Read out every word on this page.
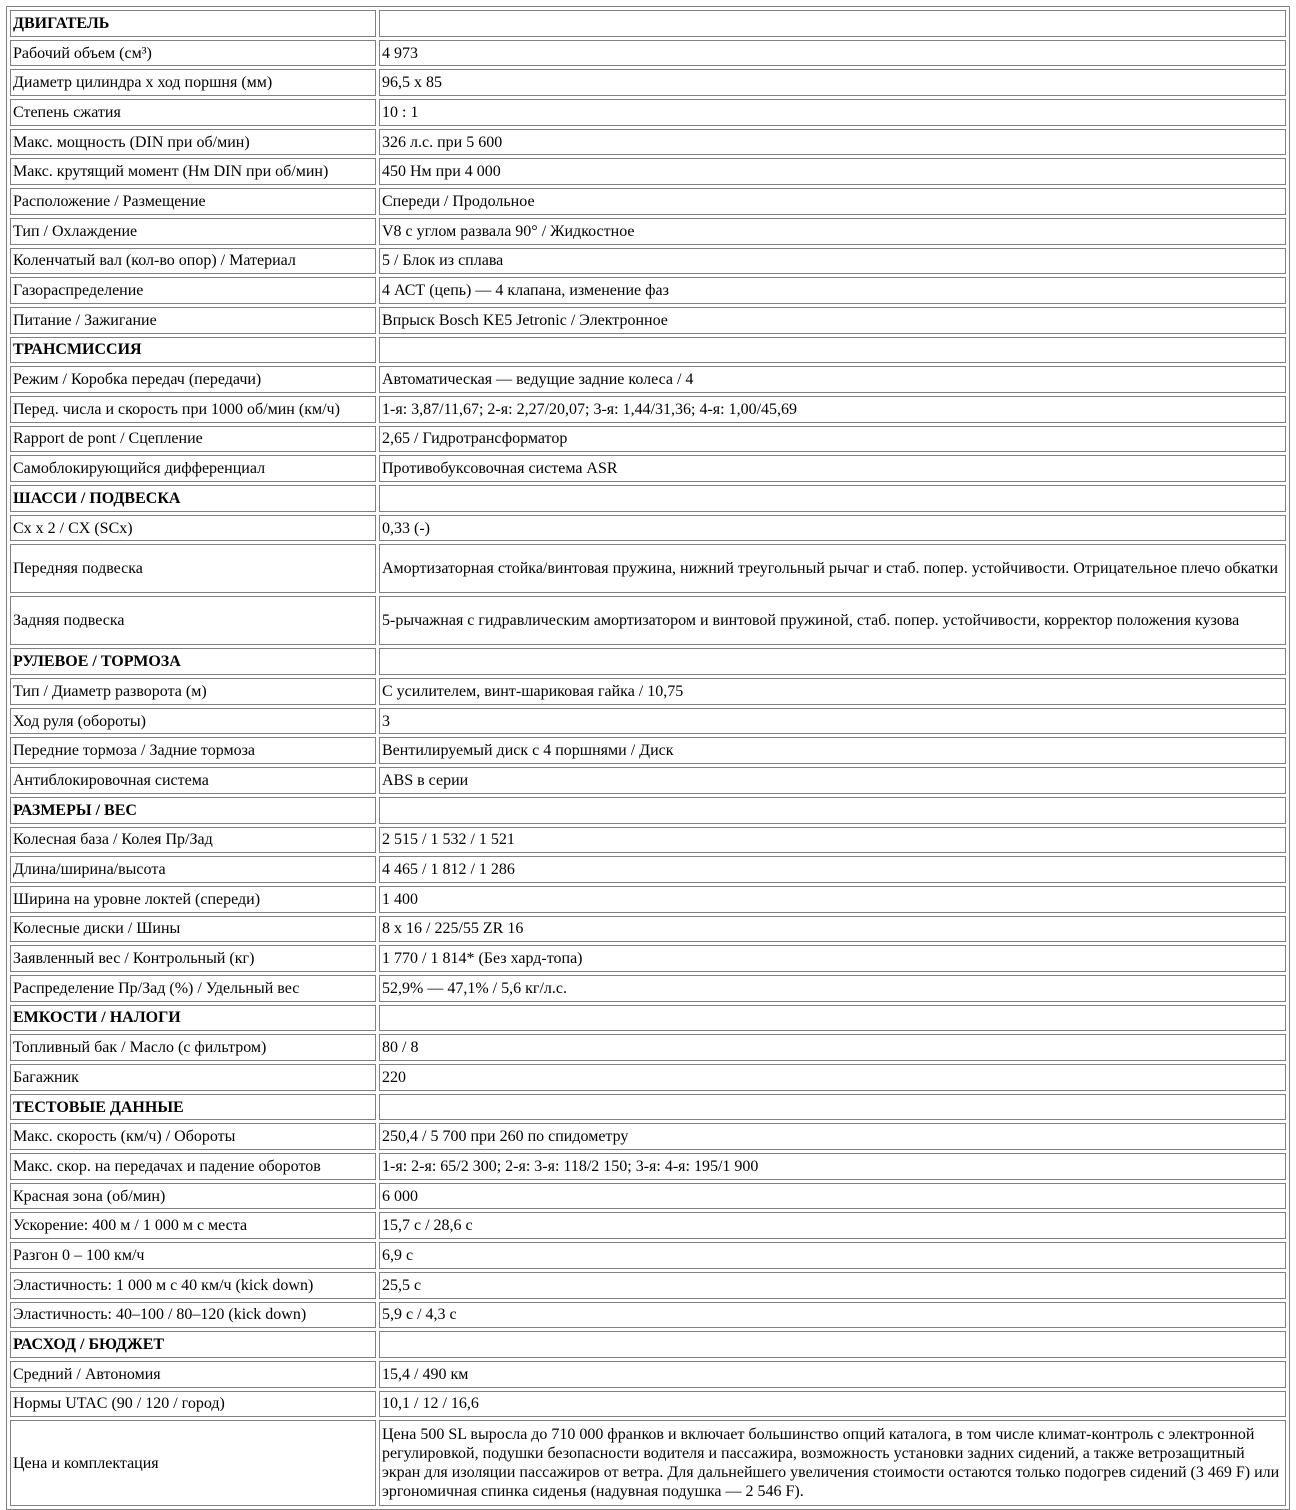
ДВИГАТЕЛЬ	
Рабочий объем (см³)	4 973
Диаметр цилиндра х ход поршня (мм)	96,5 х 85
Степень сжатия	10 : 1
Макс. мощность (DIN при об/мин)	326 л.с. при 5 600
Макс. крутящий момент (Нм DIN при об/мин)	450 Нм при 4 000
Расположение / Размещение	Спереди / Продольное
Тип / Охлаждение	V8 с углом развала 90° / Жидкостное
Коленчатый вал (кол-во опор) / Материал	5 / Блок из сплава
Газораспределение	4 АСТ (цепь) — 4 клапана, изменение фаз
Питание / Зажигание	Впрыск Bosch KE5 Jetronic / Электронное
ТРАНСМИССИЯ	
Режим / Коробка передач (передачи)	Автоматическая — ведущие задние колеса / 4
Перед. числа и скорость при 1000 об/мин (км/ч)	1-я: 3,87/11,67; 2-я: 2,27/20,07; 3-я: 1,44/31,36; 4-я: 1,00/45,69
Rapport de pont / Сцепление	2,65 / Гидротрансформатор
Самоблокирующийся дифференциал	Противобуксовочная система ASR
ШАССИ / ПОДВЕСКА	
Cx x 2 / CX (SCx)	0,33 (-)
Передняя подвеска	Амортизаторная стойка/винтовая пружина, нижний треугольный рычаг и стаб. попер. устойчивости. Отрицательное плечо обкатки
Задняя подвеска	5-рычажная с гидравлическим амортизатором и винтовой пружиной, стаб. попер. устойчивости, корректор положения кузова
РУЛЕВОЕ / ТОРМОЗА	
Тип / Диаметр разворота (м)	С усилителем, винт-шариковая гайка / 10,75
Ход руля (обороты)	3
Передние тормоза / Задние тормоза	Вентилируемый диск с 4 поршнями / Диск
Антиблокировочная система	ABS в серии
РАЗМЕРЫ / ВЕС	
Колесная база / Колея Пр/Зад	2 515 / 1 532 / 1 521
Длина/ширина/высота	4 465 / 1 812 / 1 286
Ширина на уровне локтей (спереди)	1 400
Колесные диски / Шины	8 х 16 / 225/55 ZR 16
Заявленный вес / Контрольный (кг)	1 770 / 1 814* (Без хард-топа)
Распределение Пр/Зад (%) / Удельный вес	52,9% — 47,1% / 5,6 кг/л.с.
ЕМКОСТИ / НАЛОГИ	
Топливный бак / Масло (с фильтром)	80 / 8
Багажник	220
ТЕСТОВЫЕ ДАННЫЕ	
Макс. скорость (км/ч) / Обороты	250,4 / 5 700 при 260 по спидометру
Макс. скор. на передачах и падение оборотов	1-я: 2-я: 65/2 300; 2-я: 3-я: 118/2 150; 3-я: 4-я: 195/1 900
Красная зона (об/мин)	6 000
Ускорение: 400 м / 1 000 м с места	15,7 с / 28,6 с
Разгон 0 – 100 км/ч	6,9 с
Эластичность: 1 000 м с 40 км/ч (kick down)	25,5 с
Эластичность: 40–100 / 80–120 (kick down)	5,9 с / 4,3 с
РАСХОД / БЮДЖЕТ	
Средний / Автономия	15,4 / 490 км
Нормы UTAC (90 / 120 / город)	10,1 / 12 / 16,6
Цена и комплектация	Цена 500 SL выросла до 710 000 франков и включает большинство опций каталога, в том числе климат-контроль с электронной регулировкой, подушки безопасности водителя и пассажира, возможность установки задних сидений, а также ветрозащитный экран для изоляции пассажиров от ветра. Для дальнейшего увеличения стоимости остаются только подогрев сидений (3 469 F) или эргономичная спинка сиденья (надувная подушка — 2 546 F).
